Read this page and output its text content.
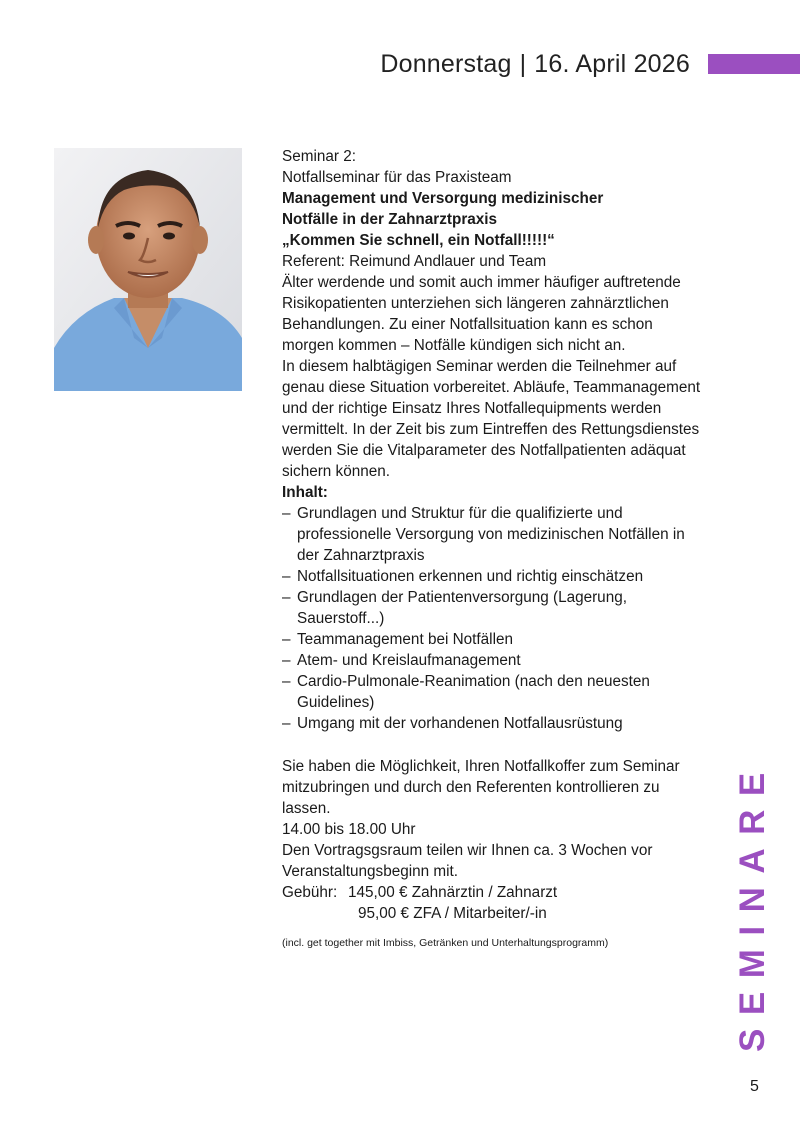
Donnerstag | 16. April 2026

Seminar 2:

Notfallseminar für das Praxisteam

Management und Versorgung medizinischer
Notfälle in der Zahnarztpraxis

„Kommen Sie schnell, ein Notfall!!!!!“

Referent: Reimund Andlauer und Team

Älter werdende und somit auch immer häufiger auftretende Risikopatienten unterziehen sich längeren zahnärztlichen Behandlungen. Zu einer Notfallsituation kann es schon morgen kommen – Notfälle kündigen sich nicht an.

In diesem halbtägigen Seminar werden die Teilnehmer auf genau diese Situation vorbereitet. Abläufe, Teammanagement und der richtige Einsatz Ihres Notfallequipments werden vermittelt. In der Zeit bis zum Eintreffen des Rettungsdienstes werden Sie die Vitalparameter des Notfallpatienten adäquat sichern können.

Inhalt:

– Grundlagen und Struktur für die qualifizierte und professionelle Versorgung von medizinischen Notfällen in der Zahnarztpraxis
– Notfallsituationen erkennen und richtig einschätzen
– Grundlagen der Patientenversorgung (Lagerung, Sauerstoff...)
– Teammanagement bei Notfällen
– Atem- und Kreislaufmanagement
– Cardio-Pulmonale-Reanimation (nach den neuesten Guidelines)
– Umgang mit der vorhandenen Notfallausrüstung

Sie haben die Möglichkeit, Ihren Notfallkoffer zum Seminar mitzubringen und durch den Referenten kontrollieren zu lassen.

14.00 bis 18.00 Uhr
Den Vortragsgsraum teilen wir Ihnen ca. 3 Wochen vor Veranstaltungsbeginn mit.

Gebühr: 145,00 € Zahnärztin / Zahnarzt
95,00 € ZFA / Mitarbeiter/-in

(incl. get together mit Imbiss, Getränken und Unterhaltungsprogramm)	SEMINARE
5
